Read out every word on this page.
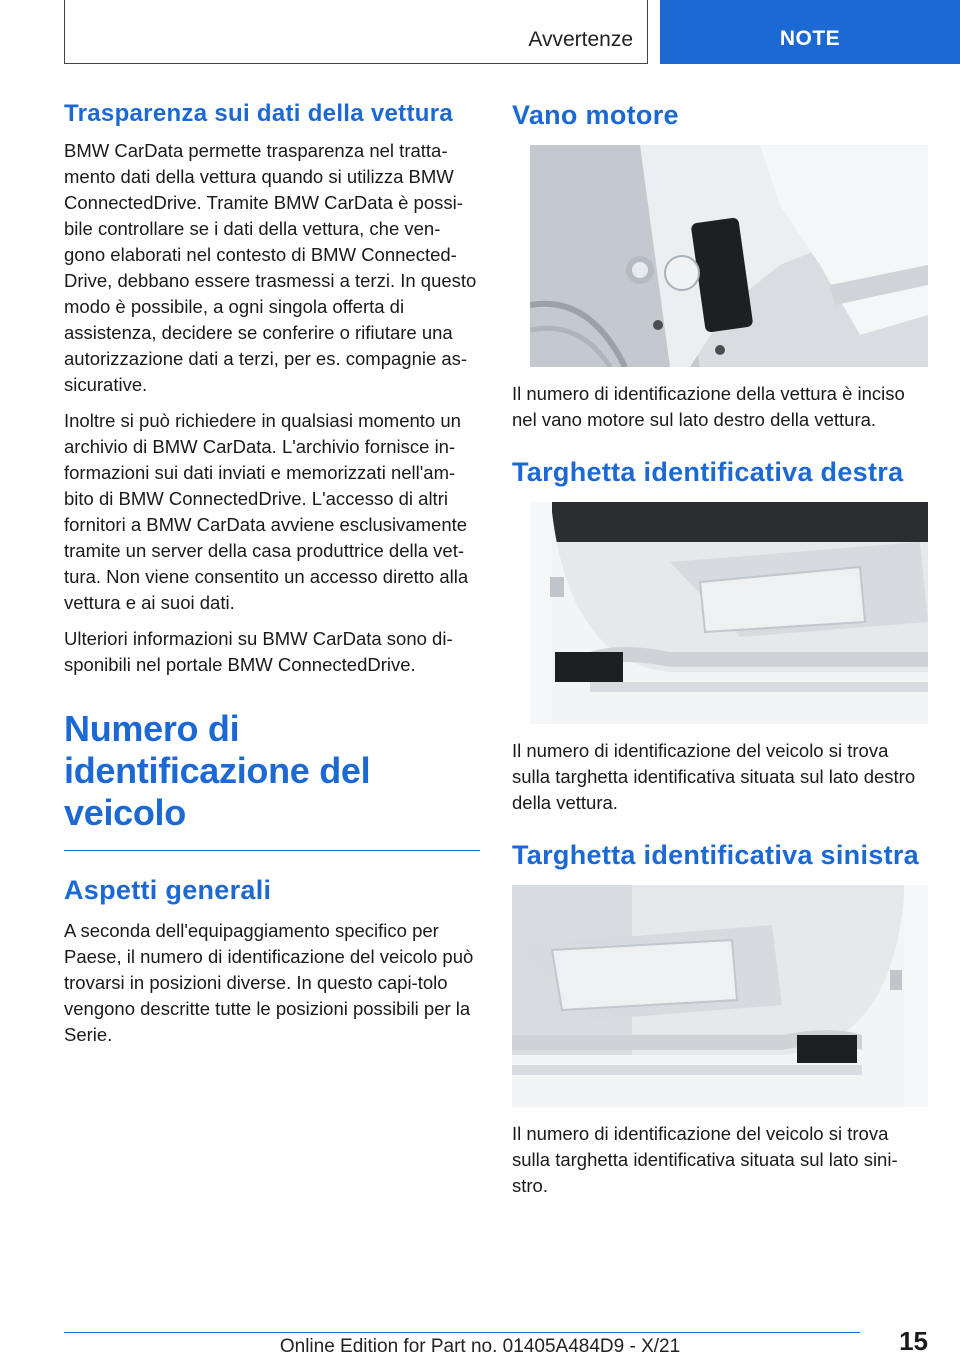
Avvertenze	NOTE
Trasparenza sui dati della vettura

BMW CarData permette trasparenza nel tratta-mento dati della vettura quando si utilizza BMW ConnectedDrive. Tramite BMW CarData è possi-bile controllare se i dati della vettura, che ven-gono elaborati nel contesto di BMW Connected-Drive, debbano essere trasmessi a terzi. In questo modo è possibile, a ogni singola offerta di assistenza, decidere se conferire o rifiutare una autorizzazione dati a terzi, per es. compagnie as-sicurative.

Inoltre si può richiedere in qualsiasi momento un archivio di BMW CarData. L'archivio fornisce in-formazioni sui dati inviati e memorizzati nell'am-bito di BMW ConnectedDrive. L'accesso di altri fornitori a BMW CarData avviene esclusivamente tramite un server della casa produttrice della vet-tura. Non viene consentito un accesso diretto alla vettura e ai suoi dati.

Ulteriori informazioni su BMW CarData sono di-sponibili nel portale BMW ConnectedDrive.

Numero di identificazione del veicolo
Aspetti generali

A seconda dell'equipaggiamento specifico per Paese, il numero di identificazione del veicolo può trovarsi in posizioni diverse. In questo capi-tolo vengono descritte tutte le posizioni possibili per la Serie.

Vano motore

Il numero di identificazione della vettura è inciso nel vano motore sul lato destro della vettura.

Targhetta identificativa destra

Il numero di identificazione del veicolo si trova sulla targhetta identificativa situata sul lato destro della vettura.

Targhetta identificativa sinistra

Il numero di identificazione del veicolo si trova sulla targhetta identificativa situata sul lato sini-stro.

15
Online Edition for Part no. 01405A484D9 - X/21
